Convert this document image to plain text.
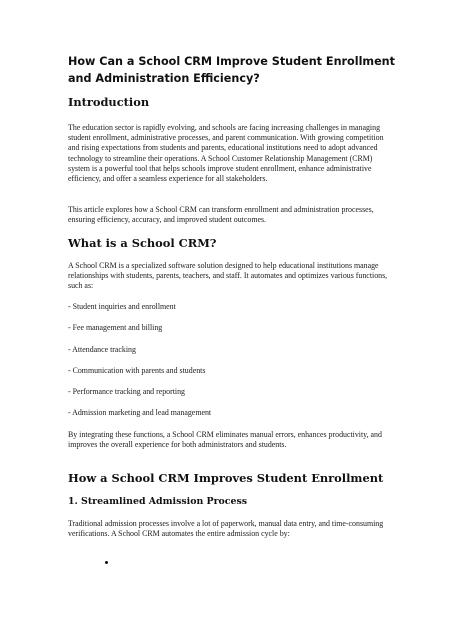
How Can a School CRM Improve Student Enrollment and Administration Efficiency?
Introduction

The education sector is rapidly evolving, and schools are facing increasing challenges in managing student enrollment, administrative processes, and parent communication. With growing competition and rising expectations from students and parents, educational institutions need to adopt advanced technology to streamline their operations. A School Customer Relationship Management (CRM) system is a powerful tool that helps schools improve student enrollment, enhance administrative efficiency, and offer a seamless experience for all stakeholders.

This article explores how a School CRM can transform enrollment and administration processes, ensuring efficiency, accuracy, and improved student outcomes.

What is a School CRM?

A School CRM is a specialized software solution designed to help educational institutions manage relationships with students, parents, teachers, and staff. It automates and optimizes various functions, such as:

- Student inquiries and enrollment

- Fee management and billing

- Attendance tracking

- Communication with parents and students

- Performance tracking and reporting

- Admission marketing and lead management

By integrating these functions, a School CRM eliminates manual errors, enhances productivity, and improves the overall experience for both administrators and students.

How a School CRM Improves Student Enrollment
1. Streamlined Admission Process

Traditional admission processes involve a lot of paperwork, manual data entry, and time-consuming verifications. A School CRM automates the entire admission cycle by:
